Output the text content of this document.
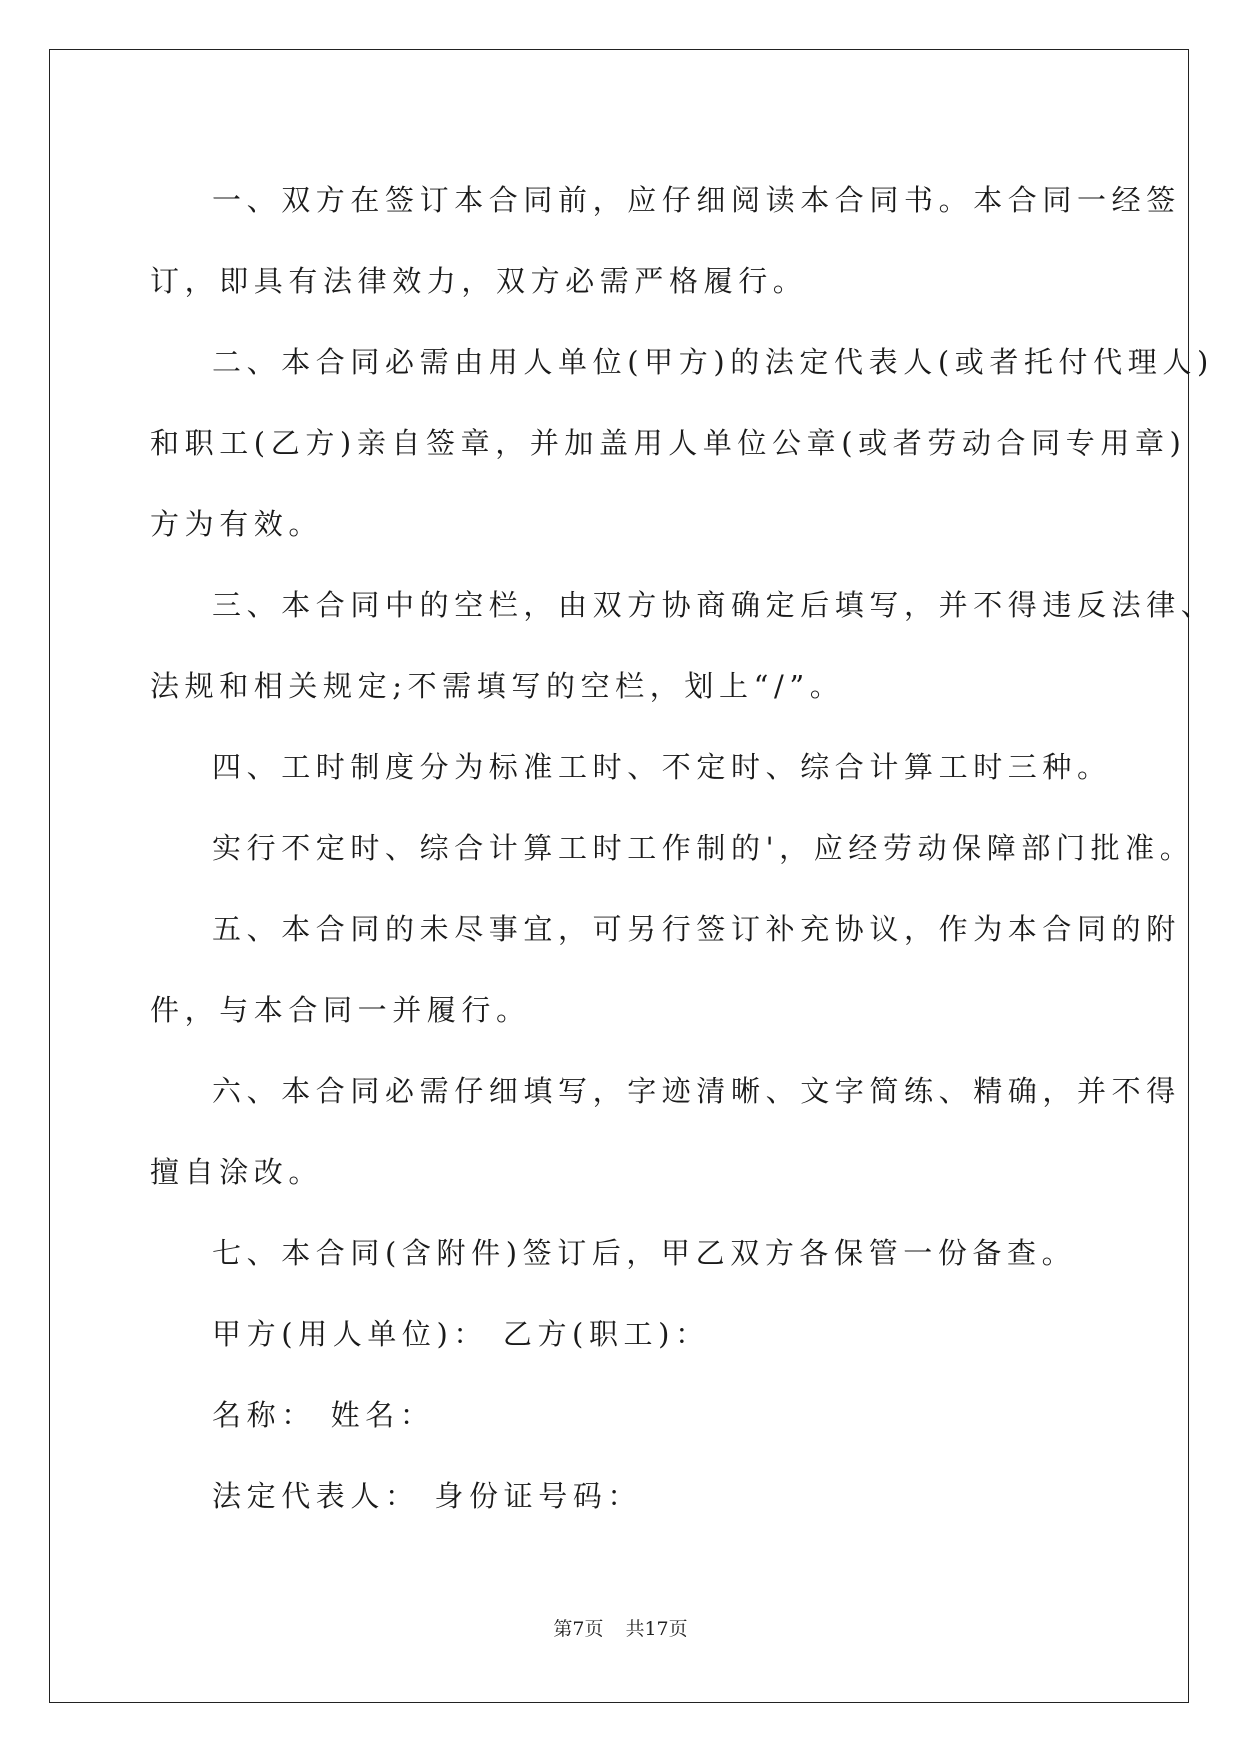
一、双方在签订本合同前，应仔细阅读本合同书。本合同一经签

订，即具有法律效力，双方必需严格履行。

二、本合同必需由用人单位(甲方)的法定代表人(或者托付代理人)

和职工(乙方)亲自签章，并加盖用人单位公章(或者劳动合同专用章)

方为有效。

三、本合同中的空栏，由双方协商确定后填写，并不得违反法律、

法规和相关规定;不需填写的空栏，划上“/”。

四、工时制度分为标准工时、不定时、综合计算工时三种。

实行不定时、综合计算工时工作制的'，应经劳动保障部门批准。

五、本合同的未尽事宜，可另行签订补充协议，作为本合同的附

件，与本合同一并履行。

六、本合同必需仔细填写，字迹清晰、文字简练、精确，并不得

擅自涂改。

七、本合同(含附件)签订后，甲乙双方各保管一份备查。

甲方(用人单位)： 乙方(职工)：

名称： 姓名：

法定代表人： 身份证号码：

第7页 共17页
